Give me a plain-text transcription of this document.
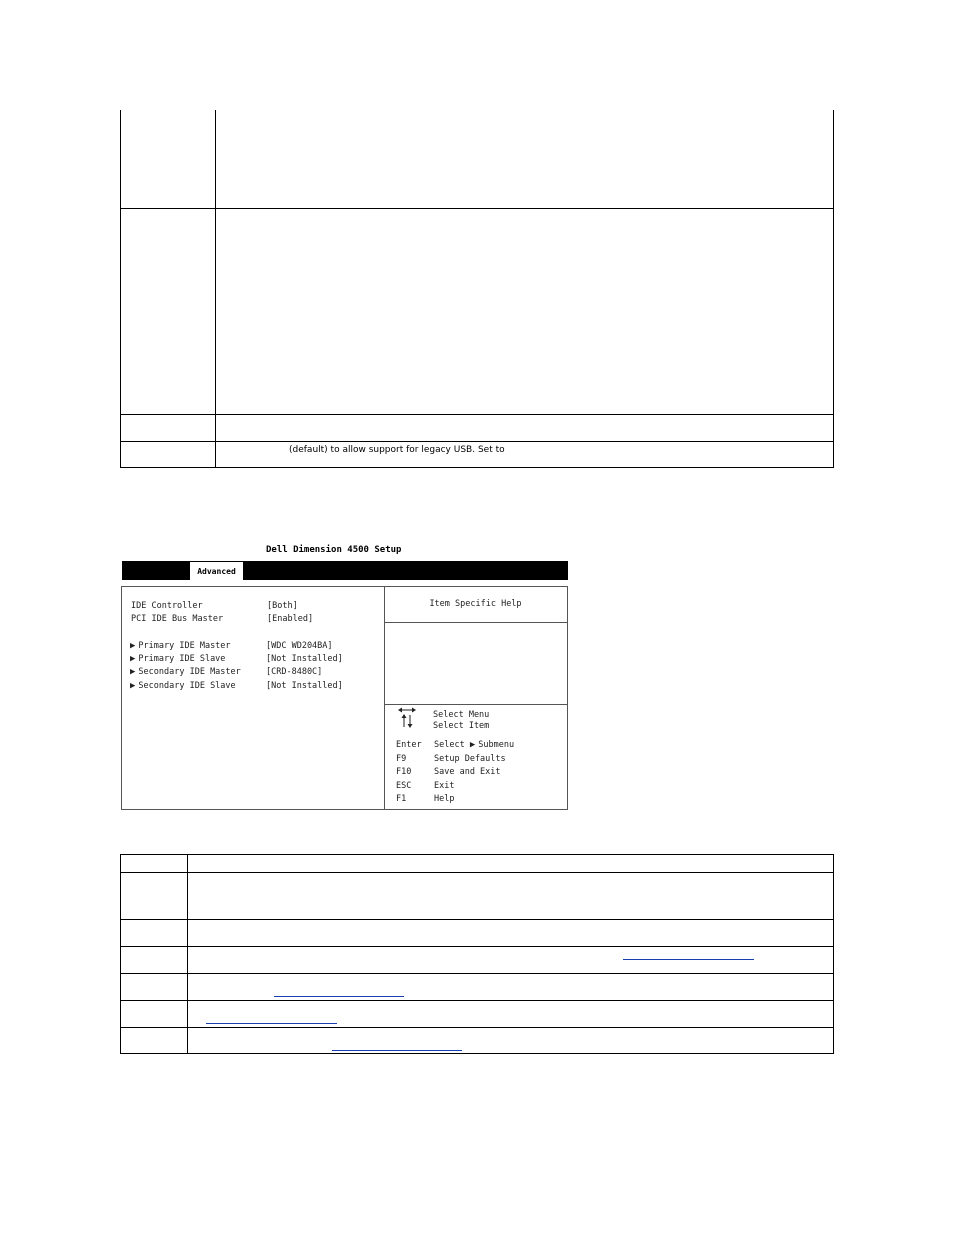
(default) to allow support for legacy USB. Set to
Dell Dimension 4500 Setup
Advanced
IDE Controller	[Both]
PCI IDE Bus Master	[Enabled]
▶ Primary IDE Master	[WDC WD204BA]
▶ Primary IDE Slave	[Not Installed]
▶ Secondary IDE Master	[CRD-8480C]
▶ Secondary IDE Slave	[Not Installed]
Item Specific Help
Select Menu
Select Item
Enter Select ▶ Submenu
F9	Setup Defaults
F10	Save and Exit
ESC	Exit
F1	Help
